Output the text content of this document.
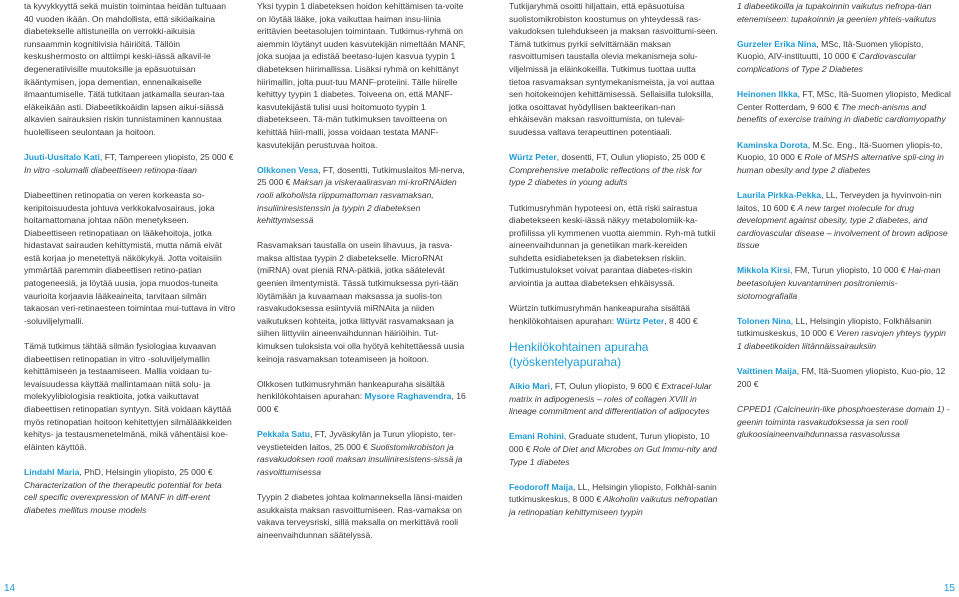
ta kyvykkyyttä sekä muistin toimintaa heidän tultuaan 40 vuoden ikään. On mahdollista, että sikiöaikaina diabetekselle altistuneilla on verrokki-aikuisia runsaammin kognitiivisia häiriöitä. Tällöin keskushermosto on alttiimpi keski-iässä alkavil-le degeneratiivisille muutoksille ja epäsuotuisan ikääntymisen, jopa dementian, ennenaikaiselle ilmaantumiselle. Tätä tutkitaan jatkamalla seuran-taa eläkeikään asti. Diabeetikkoäidin lapsen aikui-siässä alkavien sairauksien riskin tunnistaminen kannustaa huolelliseen seulontaan ja hoitoon.

Juuti-Uusitalo Kati, FT, Tampereen yliopisto, 25 000 € In vitro -solumalli diabeettiseen retinopa-tiaan

Diabeettinen retinopatia on veren korkeasta so-keripitoisuudesta johtuva verkkokalvosairaus, joka hoitamattomana johtaa näön menetykseen. Diabeettiseen retinopatiaan on lääkehoitoja, jotka hidastavat sairauden kehittymistä, mutta nämä eivät estä korjaa jo menetettyä näkökykyä. Jotta voitaisiin ymmärtää paremmin diabeettisen retino-patian patogeneesiä, ja löytää uusia, jopa muodos-tuneita vaurioita korjaavia lääkeaineita, tarvitaan silmän takaosan veri-retinaesteen toimintaa mui-tuttava in vitro -soluviljelymalli.

Tämä tutkimus tähtää silmän fysiologiaa kuvaavan diabeettisen retinopatian in vitro -soluviljelymallin kehittämiseen ja testaamiseen. Mallia voidaan tu-levaisuudessa käyttää mallintamaan niitä solu- ja molekyylibiologisia reaktioita, jotka vaikuttavat diabeettisen retinopatian syntyyn. Sitä voidaan käyttää myös retinopatian hoitoon kehitettyjen silmälääkkeiden kehitys- ja testausmenetelmänä, mikä vähentäisi koe-eläinten käyttöä.

Lindahl Maria, PhD, Helsingin yliopisto, 25 000 € Characterization of the therapeutic potential for beta cell specific overexpression of MANF in diff-erent diabetes mellitus mouse models

Yksi tyypin 1 diabeteksen hoidon kehittämisen ta-voite on löytää lääke, joka vaikuttaa haiman insu-liinia erittävien beetasolujen toimintaan. Tutkimus-ryhmä on aiemmin löytänyt uuden kasvutekijän nimeltään MANF, joka suojaa ja edistää beetaso-lujen kasvua tyypin 1 diabeteksen hiirimallissa. Lisäksi ryhmä on kehittänyt hiirimallin, jolta puut-tuu MANF-proteiini. Tälle hiirelle kehittyy tyypin 1 diabetes. Toiveena on, että MANF-kasvutekijästä tulisi uusi hoitomuoto tyypin 1 diabetekseen. Tä-män tutkimuksen tavoitteena on kehittää hiiri-malli, jossa voidaan testata MANF-kasvutekijän perustuvaa hoitoa.

Olkkonen Vesa, FT, dosentti, Tutkimuslaitos Mi-nerva, 25 000 € Maksan ja viskeraalirasvan mi-kroRNAiden rooli alkoholista riippumattoman rasvamaksan, insuliiniresistenssin ja tyypin 2 diabeteksen kehittymisessä

Rasvamaksan taustalla on usein lihavuus, ja rasva-maksa altistaa tyypin 2 diabetekselle. MicroRNAt (miRNA) ovat pieniä RNA-pätkiä, jotka säätelevät geenien ilmentymistä. Tässä tutkimuksessa pyri-tään löytämään ja kuvaamaan maksassa ja suolis-ton rasvakudoksessa esiintyviä miRNAita ja niiden vaikutuksen kohteita, jotka liittyvät rasvamaksaan ja siihen liittyviin aineenvaihdunnan häiriöihin. Tut-kimuksen tuloksista voi olla hyötyä kehitettäessä uusia keinoja rasvamaksan toteamiseen ja hoitoon.

Olkkosen tutkimusryhmän hankeapuraha sisältää henkilökohtaisen apurahan: Mysore Raghavendra, 16 000 €

Pekkala Satu, FT, Jyväskylän ja Turun yliopisto, ter-veystieteiden laitos, 25 000 € Suolistomikrobiston ja rasvakudoksen rooli maksan insuliiniresistens-sissä ja rasvoittumisessa

Tyypin 2 diabetes johtaa kolmanneksella länsi-maiden asukkaista maksan rasvoittumiseen. Ras-vamaksa on vakava terveysriski, sillä maksalla on merkittävä rooli aineenvaihdunnan säätelyssä.

Tutkijaryhmä osoitti hiljattain, että epäsuotuisa suolistomikrobiston koostumus on yhteydessä ras-vakudoksen tulehdukseen ja maksan rasvoittumi-seen. Tämä tutkimus pyrkii selvittämään maksan rasvoittumisen taustalla olevia mekanismeja solu-viljelmissä ja eläinkokeilla. Tutkimus tuottaa uutta tietoa rasvamaksan syntymekanismeista, ja voi auttaa sen hoitokeinojen kehittämisessä. Sellaisilla tuloksilla, jotka osoittavat hyödyllisen bakteerikan-nan ehkäisevän maksan rasvoittumista, on tulevai-suudessa valtava terapeuttinen potentiaali.

Würtz Peter, dosentti, FT, Oulun yliopisto, 25 000 € Comprehensive metabolic reflections of the risk for type 2 diabetes in young adults

Tutkimusryhmän hypoteesi on, että riski sairastua diabetekseen keski-iässä näkyy metabolomiik-ka-profiilissa yli kymmenen vuotta aiemmin. Ryh-mä tutkii aineenvaihdunnan ja genetiikan mark-kereiden suhdetta esidiabeteksen ja diabeteksen riskiin. Tutkimustulokset voivat parantaa diabetes-riskin arviointia ja auttaa diabeteksen ehkäisyssä.

Würtzin tutkimusryhmän hankeapuraha sisältää henkilökohtaisen apurahan: Würtz Peter, 8 400 €

Henkilökohtainen apuraha
(työskentelyapuraha)

Aikio Mari, FT, Oulun yliopisto, 9 600 € Extracel-lular matrix in adipogenesis – roles of collagen XVIII in lineage commitment and differentiation of adipocytes

Emani Rohini, Graduate student, Turun yliopisto, 10 000 € Role of Diet and Microbes on Gut Immu-nity and Type 1 diabetes

Feodoroff Maija, LL, Helsingin yliopisto, Folkhäl-sanin tutkimuskeskus, 8 000 € Alkoholin vaikutus nefropatian ja retinopatian kehittymiseen tyypin

1 diabeetikoilla ja tupakoinnin vaikutus nefropa-tian etenemiseen: tupakoinnin ja geenien yhteis-vaikutus

Gurzeler Erika Nina, MSc, Itä-Suomen yliopisto, Kuopio, AIV-instituutti, 10 000 € Cardiovascular complications of Type 2 Diabetes

Heinonen Ilkka, FT, MSc, Itä-Suomen yliopisto, Medical Center Rotterdam, 9 600 € The mech-anisms and benefits of exercise training in diabetic cardiomyopathy

Kaminska Dorota, M.Sc. Eng., Itä-Suomen yliopis-to, Kuopio, 10 000 € Role of MSHS alternative spli-cing in human obesity and type 2 diabetes

Laurila Pirkka-Pekka, LL, Terveyden ja hyvinvoin-nin laitos, 10 600 € A new target molecule for drug development against obesity, type 2 diabetes, and cardiovascular disease – involvement of brown adipose tissue

Mikkola Kirsi, FM, Turun yliopisto, 10 000 € Hai-man beetasolujen kuvantaminen positroniemis-siotomografialla

Tolonen Nina, LL, Helsingin yliopisto, Folkhälsanin tutkimuskeskus, 10 000 € Veren rasvojen yhteys tyypin 1 diabeetikoiden liitännäissairauksiin

Vaittinen Maija, FM, Itä-Suomen yliopisto, Kuo-pio, 12 200 €

CPPED1 (Calcineurin-like phosphoesterase domain 1) -geenin toiminta rasvakudoksessa ja sen rooli glukoosiaineenvaihdunnassa rasvasolussa

14	15
